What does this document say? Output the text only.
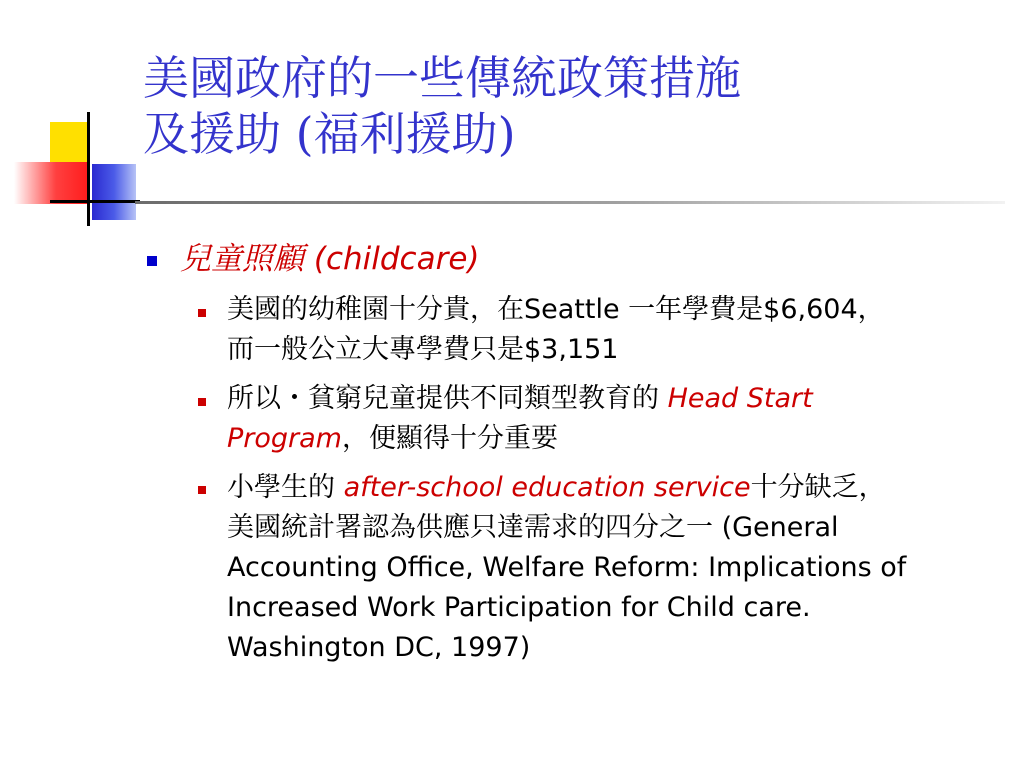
美國政府的一些傳統政策措施
及援助 (福利援助)
兒童照顧 (childcare)
美國的幼稚園十分貴，在Seattle 一年學費是$6,604，
而一般公立大專學費只是$3,151
所以・貧窮兒童提供不同類型教育的 Head Start
Program，便顯得十分重要
小學生的 after-school education service十分缺乏，
美國統計署認為供應只達需求的四分之一 (General
Accounting Office, Welfare Reform: Implications of
Increased Work Participation for Child care.
Washington DC, 1997)
